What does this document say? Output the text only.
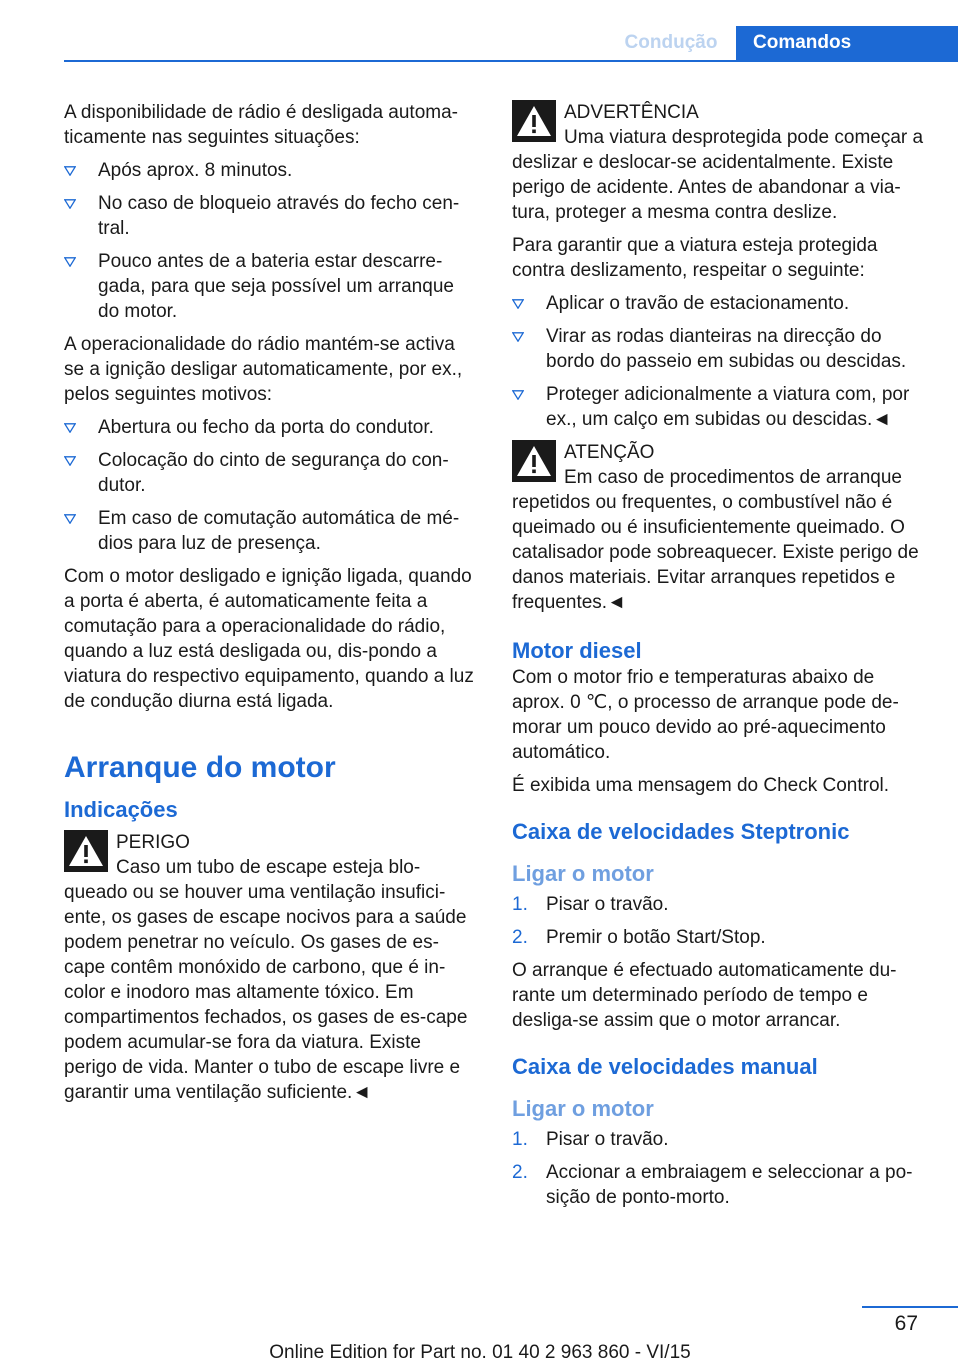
Condução	Comandos

A disponibilidade de rádio é desligada automa-ticamente nas seguintes situações:

Após aprox. 8 minutos.
No caso de bloqueio através do fecho cen-tral.
Pouco antes de a bateria estar descarre-gada, para que seja possível um arranque do motor.

A operacionalidade do rádio mantém-se activa se a ignição desligar automaticamente, por ex., pelos seguintes motivos:

Abertura ou fecho da porta do condutor.
Colocação do cinto de segurança do con-dutor.
Em caso de comutação automática de mé-dios para luz de presença.

Com o motor desligado e ignição ligada, quando a porta é aberta, é automaticamente feita a comutação para a operacionalidade do rádio, quando a luz está desligada ou, dis-pondo a viatura do respectivo equipamento, quando a luz de condução diurna está ligada.

Arranque do motor
Indicações

PERIGO

Caso um tubo de escape esteja blo-queado ou se houver uma ventilação insufici-ente, os gases de escape nocivos para a saúde podem penetrar no veículo. Os gases de es-cape contêm monóxido de carbono, que é in-color e inodoro mas altamente tóxico. Em compartimentos fechados, os gases de es-cape podem acumular-se fora da viatura. Existe perigo de vida. Manter o tubo de escape livre e garantir uma ventilação suficiente.◄

ADVERTÊNCIA

Uma viatura desprotegida pode começar a deslizar e deslocar-se acidentalmente. Existe perigo de acidente. Antes de abandonar a via-tura, proteger a mesma contra deslize.

Para garantir que a viatura esteja protegida contra deslizamento, respeitar o seguinte:

Aplicar o travão de estacionamento.
Virar as rodas dianteiras na direcção do bordo do passeio em subidas ou descidas.
Proteger adicionalmente a viatura com, por ex., um calço em subidas ou descidas.◄

ATENÇÃO

Em caso de procedimentos de arranque repetidos ou frequentes, o combustível não é queimado ou é insuficientemente queimado. O catalisador pode sobreaquecer. Existe perigo de danos materiais. Evitar arranques repetidos e frequentes.◄

Motor diesel

Com o motor frio e temperaturas abaixo de aprox. 0 ℃, o processo de arranque pode de-morar um pouco devido ao pré-aquecimento automático.

É exibida uma mensagem do Check Control.

Caixa de velocidades Steptronic
Ligar o motor
1. Pisar o travão.
2. Premir o botão Start/Stop.

O arranque é efectuado automaticamente du-rante um determinado período de tempo e desliga-se assim que o motor arrancar.

Caixa de velocidades manual
Ligar o motor
1. Pisar o travão.
2. Accionar a embraiagem e seleccionar a po-sição de ponto-morto.
67
Online Edition for Part no. 01 40 2 963 860 - VI/15
